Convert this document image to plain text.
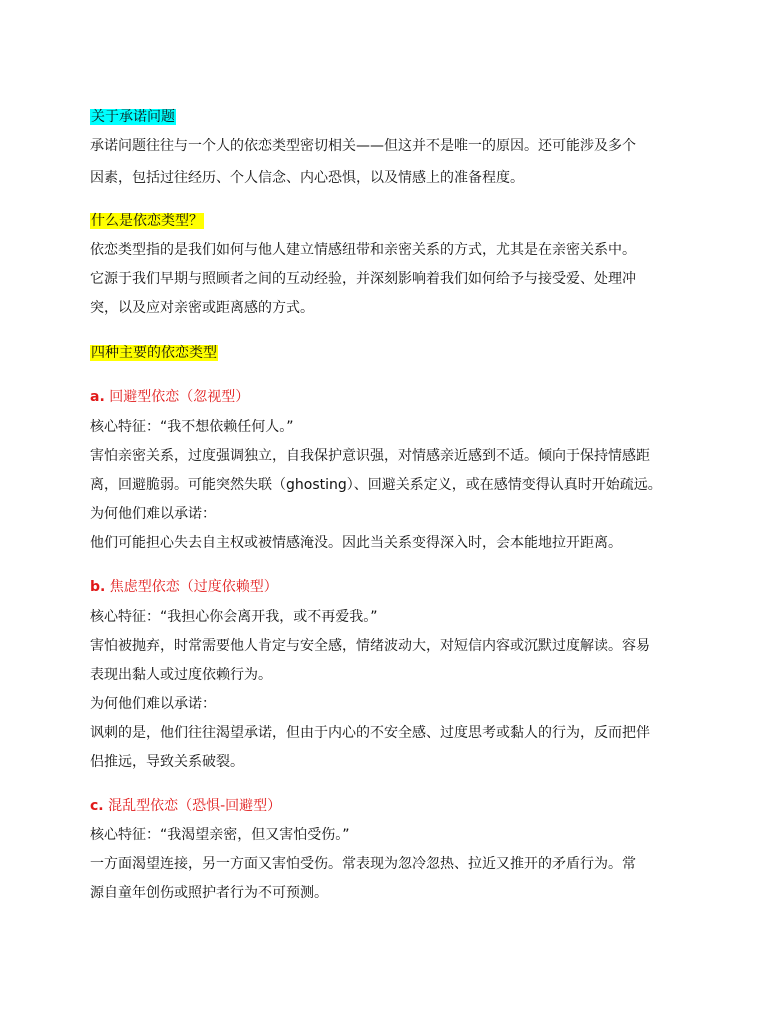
关于承诺问题

承诺问题往往与一个人的依恋类型密切相关——但这并不是唯一的原因。还可能涉及多个

因素，包括过往经历、个人信念、内心恐惧，以及情感上的准备程度。

什么是依恋类型？

依恋类型指的是我们如何与他人建立情感纽带和亲密关系的方式，尤其是在亲密关系中。

它源于我们早期与照顾者之间的互动经验，并深刻影响着我们如何给予与接受爱、处理冲

突，以及应对亲密或距离感的方式。

四种主要的依恋类型

a. 回避型依恋（忽视型）

核心特征：“我不想依赖任何人。”

害怕亲密关系，过度强调独立，自我保护意识强，对情感亲近感到不适。倾向于保持情感距

离，回避脆弱。可能突然失联（ghosting）、回避关系定义，或在感情变得认真时开始疏远。

为何他们难以承诺：

他们可能担心失去自主权或被情感淹没。因此当关系变得深入时，会本能地拉开距离。

b. 焦虑型依恋（过度依赖型）

核心特征：“我担心你会离开我，或不再爱我。”

害怕被抛弃，时常需要他人肯定与安全感，情绪波动大，对短信内容或沉默过度解读。容易

表现出黏人或过度依赖行为。

为何他们难以承诺：

讽刺的是，他们往往渴望承诺，但由于内心的不安全感、过度思考或黏人的行为，反而把伴

侣推远，导致关系破裂。

c. 混乱型依恋（恐惧-回避型）

核心特征：“我渴望亲密，但又害怕受伤。”

一方面渴望连接，另一方面又害怕受伤。常表现为忽冷忽热、拉近又推开的矛盾行为。常

源自童年创伤或照护者行为不可预测。
